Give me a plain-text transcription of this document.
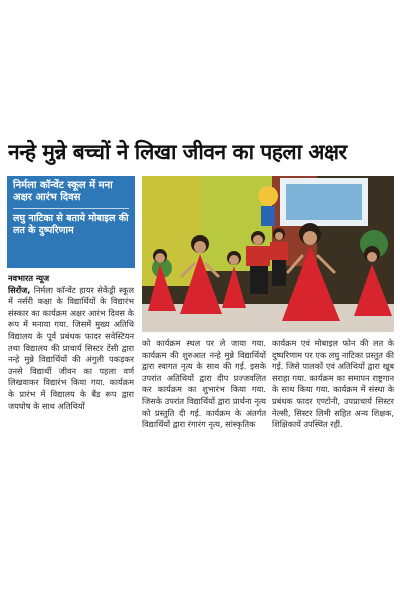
नन्हे मुन्ने बच्चों ने लिखा जीवन का पहला अक्षर
निर्मला कॉन्वेंट स्कूल में मना अक्षर आरंभ दिवस
लघु नाटिका से बताये मोबाइल की लत के दुष्परिणाम
नवभारत न्यूज
सिरोंज, निर्मला कॉन्वेंट हायर सेकेंड्री स्कूल में नर्सरी कक्षा के विद्यार्थियों के विद्यारंभ संस्कार का कार्यक्रम अक्षर आरंभ दिवस के रूप में मनाया गया. जिसमें मुख्य अतिथि विद्यालय के पूर्व प्रबंधक फादर सवेस्टियन तथा विद्यालय की प्राचार्य सिस्टर टेंसी द्वारा नन्हे मुन्ने विद्यार्थियों की अंगुली पकड़कर उनसे विद्यार्थी जीवन का पहला वर्ण लिखवाकर विद्यारंभ किया गया. कार्यक्रम के प्रारंभ में विद्यालय के बैंड रूप द्वारा जयघोष के साथ अतिथियों
को कार्यक्रम स्थल पर ले जाया गया. कार्यक्रम की शुरुआत नन्हे मुन्ने विद्यार्थियों द्वारा स्वागत नृत्य के साथ की गई. इसके उपरांत अतिथियों द्वारा दीप प्रज्जवलित कर कार्यक्रम का शुभारंभ किया गया. जिसके उपरांत विद्यार्थियों द्वारा प्रार्थना नृत्य को प्रस्तुति दी गई. कार्यक्रम के अंतर्गत विद्यार्थियों द्वारा रंगारंग नृत्य, सांस्कृतिक
कार्यक्रम एवं मोबाइल फोन की लत के दुष्परिणाम पर एक लघु नाटिका प्रस्तुत की गई. जिसे पालकों एवं अतिथियों द्वारा खूब सराहा गया. कार्यक्रम का समापन राष्ट्रगान के साथ किया गया. कार्यक्रम में संस्था के प्रबंधक फादर एण्टोनी, उपप्राचार्य सिस्टर नेल्सी, सिस्टर लिमी सहित अन्य शिक्षक, शिक्षिकायें उपस्थित रहीं.
